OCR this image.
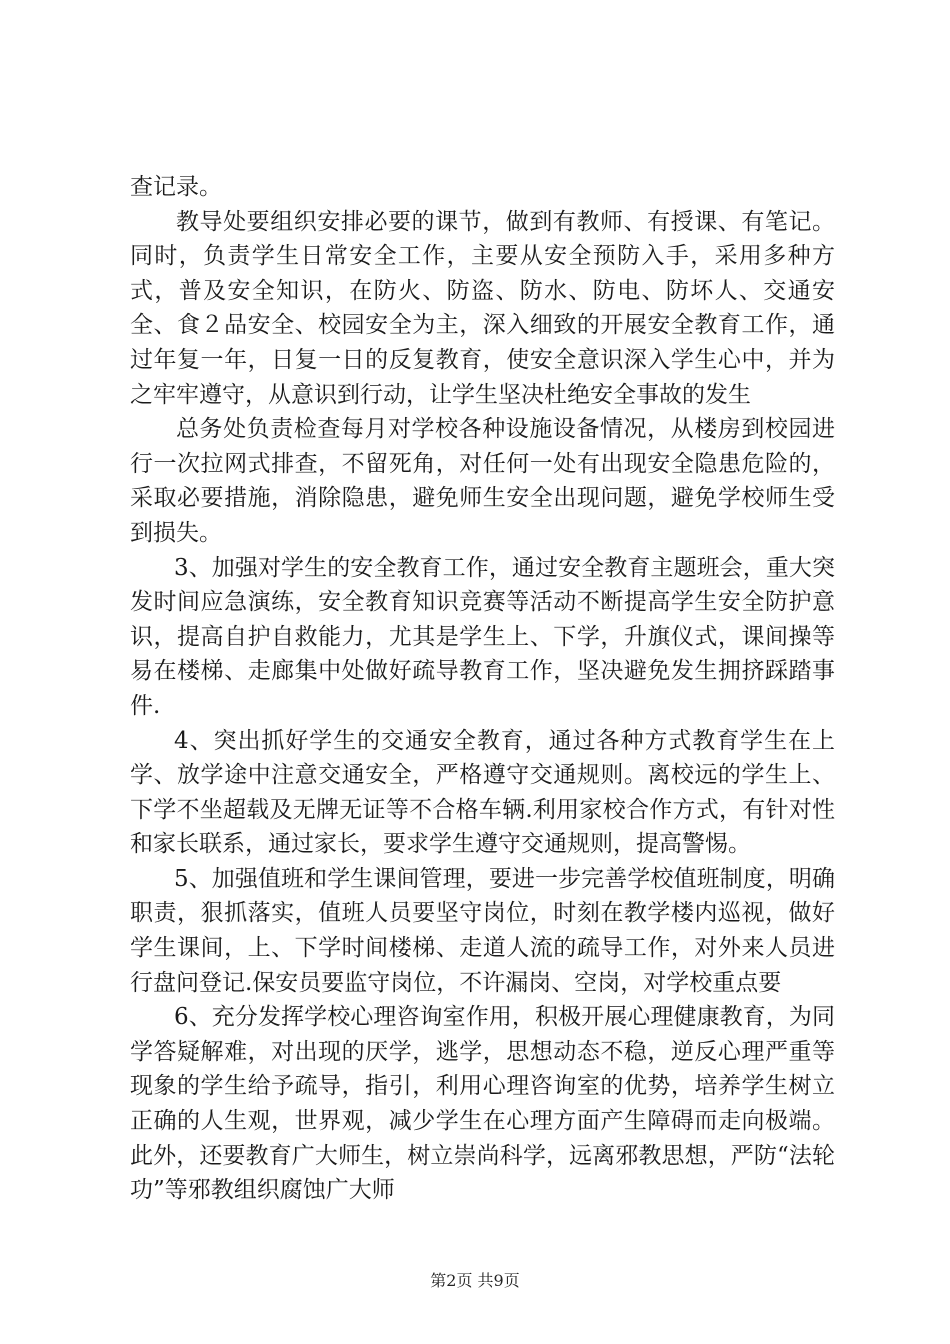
查记录。

教导处要组织安排必要的课节，做到有教师、有授课、有笔记。同时，负责学生日常安全工作，主要从安全预防入手，采用多种方式，普及安全知识，在防火、防盗、防水、防电、防坏人、交通安全、食２品安全、校园安全为主，深入细致的开展安全教育工作，通过年复一年，日复一日的反复教育，使安全意识深入学生心中，并为之牢牢遵守，从意识到行动，让学生坚决杜绝安全事故的发生

总务处负责检查每月对学校各种设施设备情况，从楼房到校园进行一次拉网式排查，不留死角，对任何一处有出现安全隐患危险的，采取必要措施，消除隐患，避免师生安全出现问题，避免学校师生受到损失。

3、加强对学生的安全教育工作，通过安全教育主题班会，重大突发时间应急演练，安全教育知识竞赛等活动不断提高学生安全防护意识，提高自护自救能力，尤其是学生上、下学，升旗仪式，课间操等易在楼梯、走廊集中处做好疏导教育工作，坚决避免发生拥挤踩踏事件.

4、突出抓好学生的交通安全教育，通过各种方式教育学生在上学、放学途中注意交通安全，严格遵守交通规则。离校远的学生上、下学不坐超载及无牌无证等不合格车辆.利用家校合作方式，有针对性和家长联系，通过家长，要求学生遵守交通规则，提高警惕。

5、加强值班和学生课间管理，要进一步完善学校值班制度，明确职责，狠抓落实，值班人员要坚守岗位，时刻在教学楼内巡视，做好学生课间，上、下学时间楼梯、走道人流的疏导工作，对外来人员进行盘问登记.保安员要监守岗位，不许漏岗、空岗，对学校重点要

6、充分发挥学校心理咨询室作用，积极开展心理健康教育，为同学答疑解难，对出现的厌学，逃学，思想动态不稳，逆反心理严重等现象的学生给予疏导，指引，利用心理咨询室的优势，培养学生树立正确的人生观，世界观，减少学生在心理方面产生障碍而走向极端。此外，还要教育广大师生，树立崇尚科学，远离邪教思想，严防“法轮功”等邪教组织腐蚀广大师

第2页 共9页
